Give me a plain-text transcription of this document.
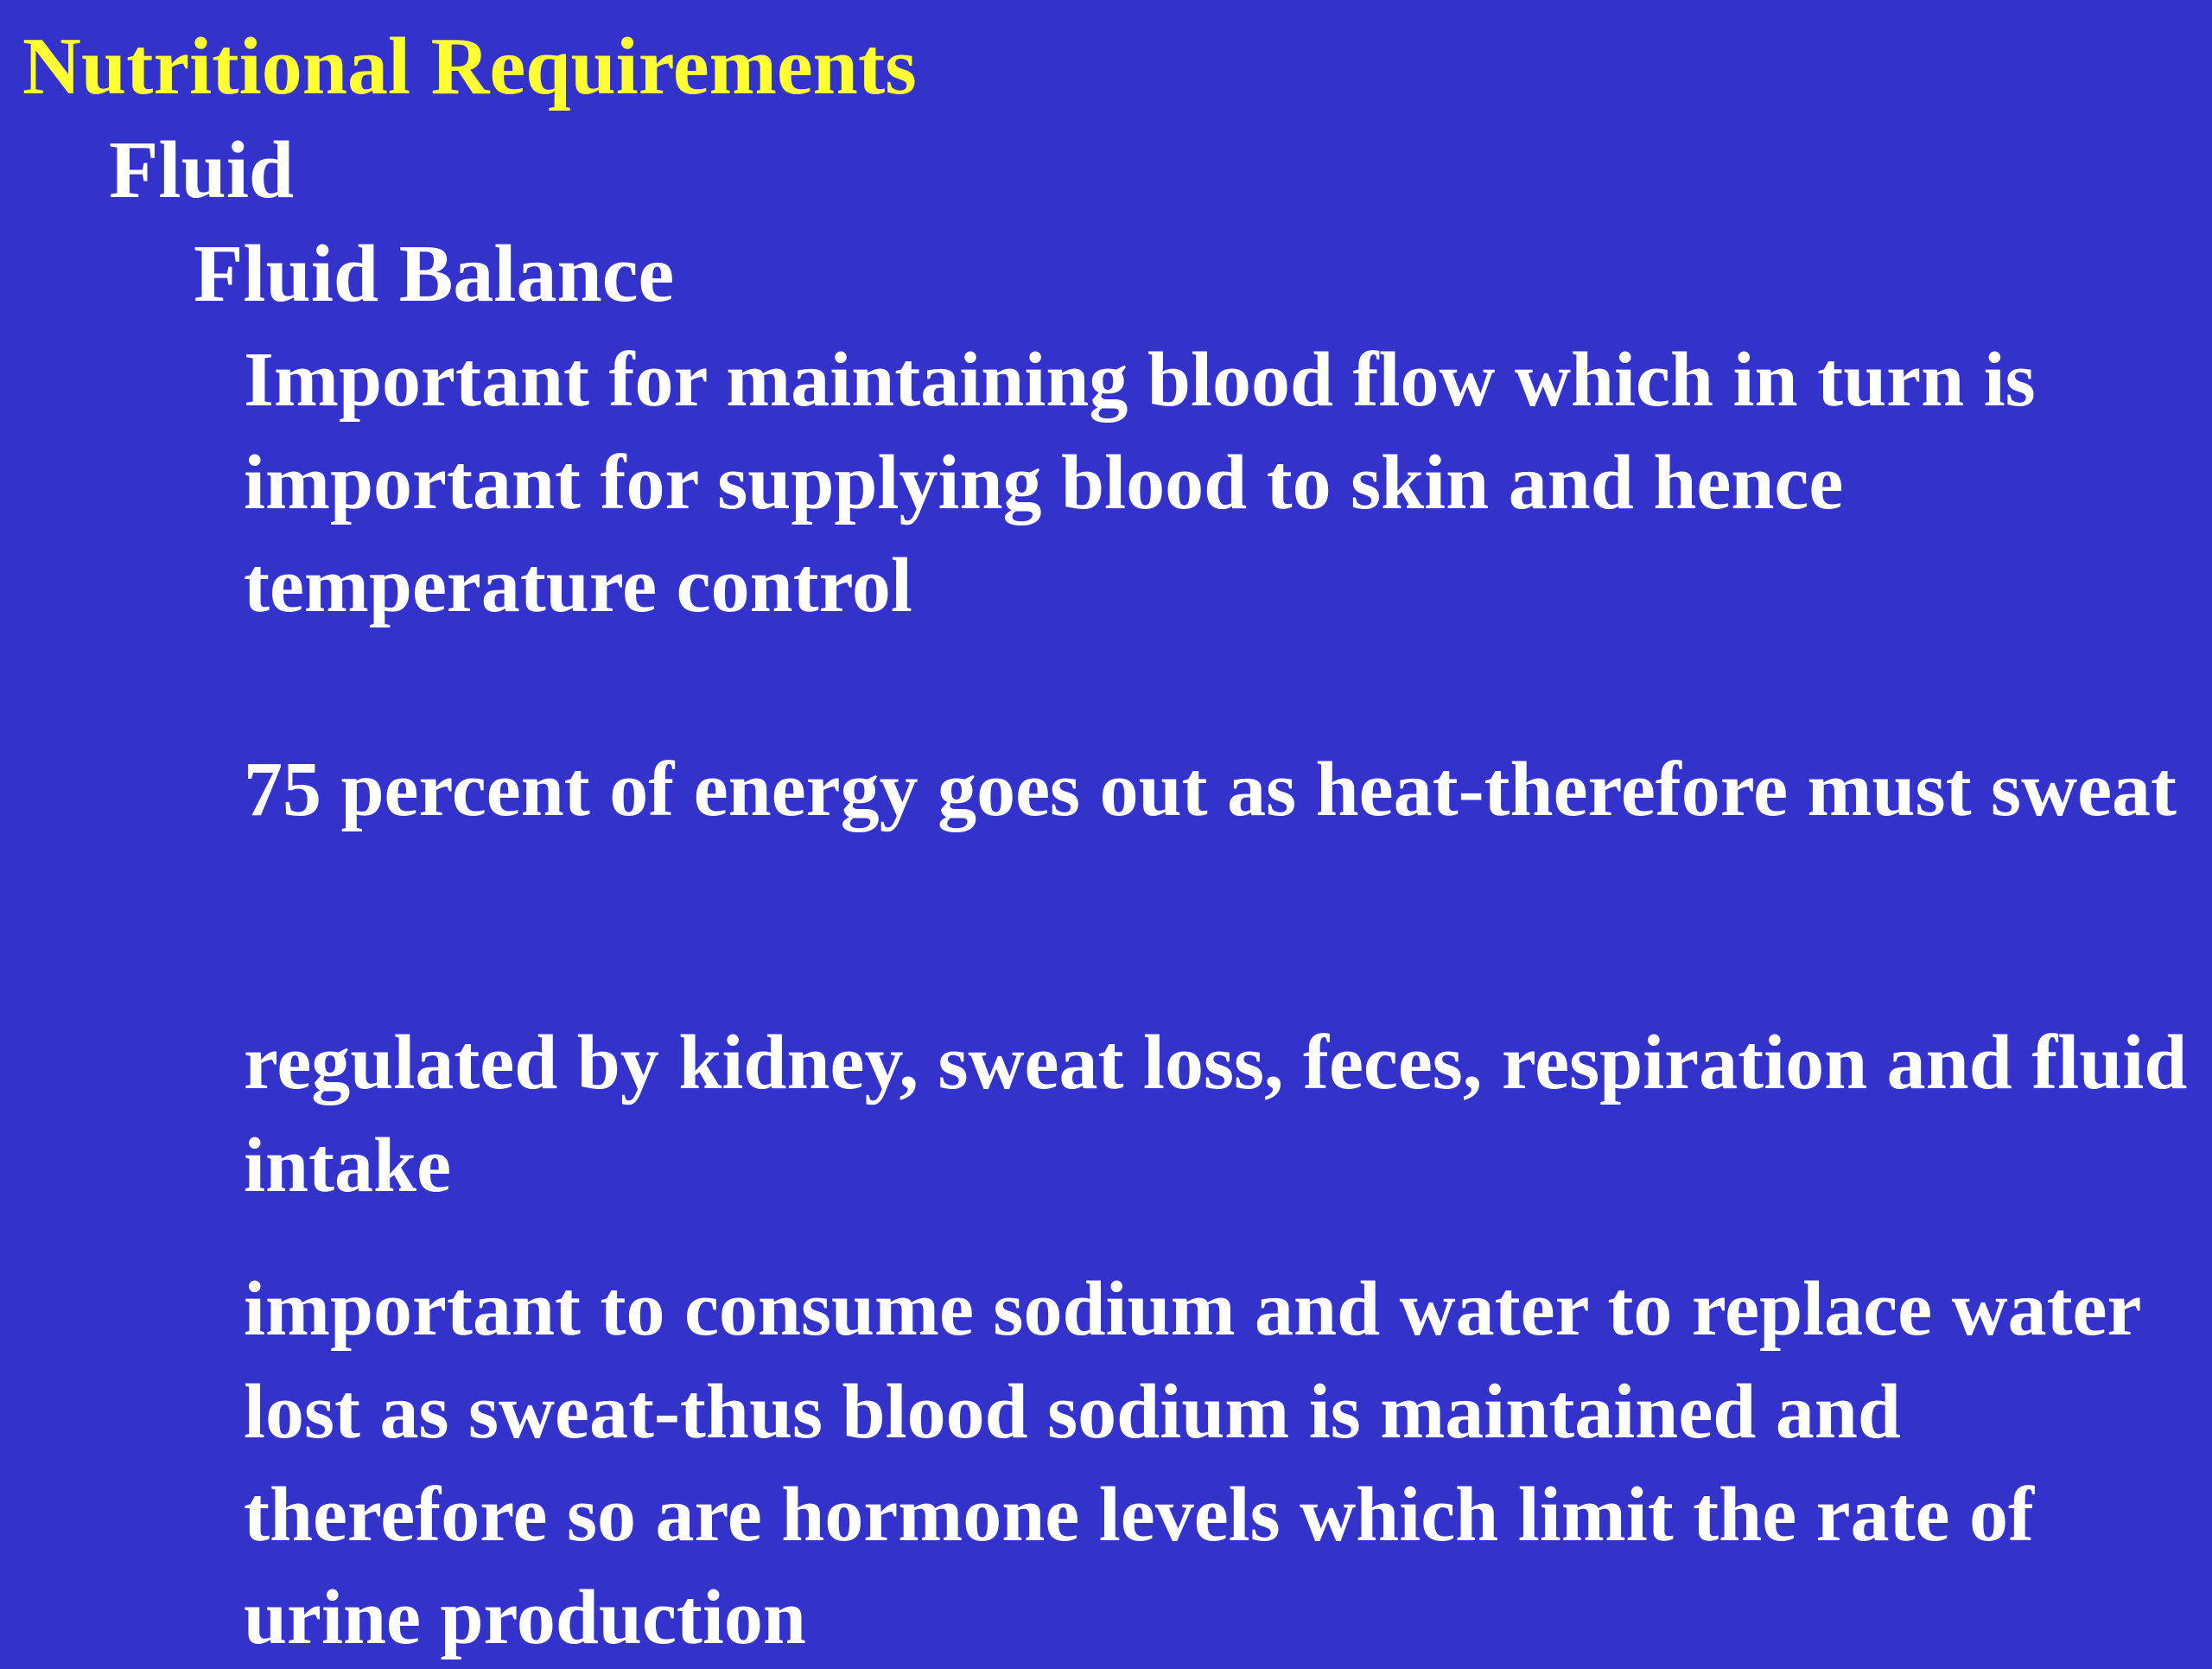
Nutritional Requirements
Fluid
Fluid Balance
Important for maintaining blood flow which in turn is important for supplying blood to skin and hence temperature control
75 percent of energy goes out as heat-therefore must sweat
regulated by kidney, sweat loss, feces, respiration and fluid intake
important to consume sodium and water to replace water lost as sweat-thus blood sodium is maintained and therefore so are hormone levels which limit the rate of urine production
